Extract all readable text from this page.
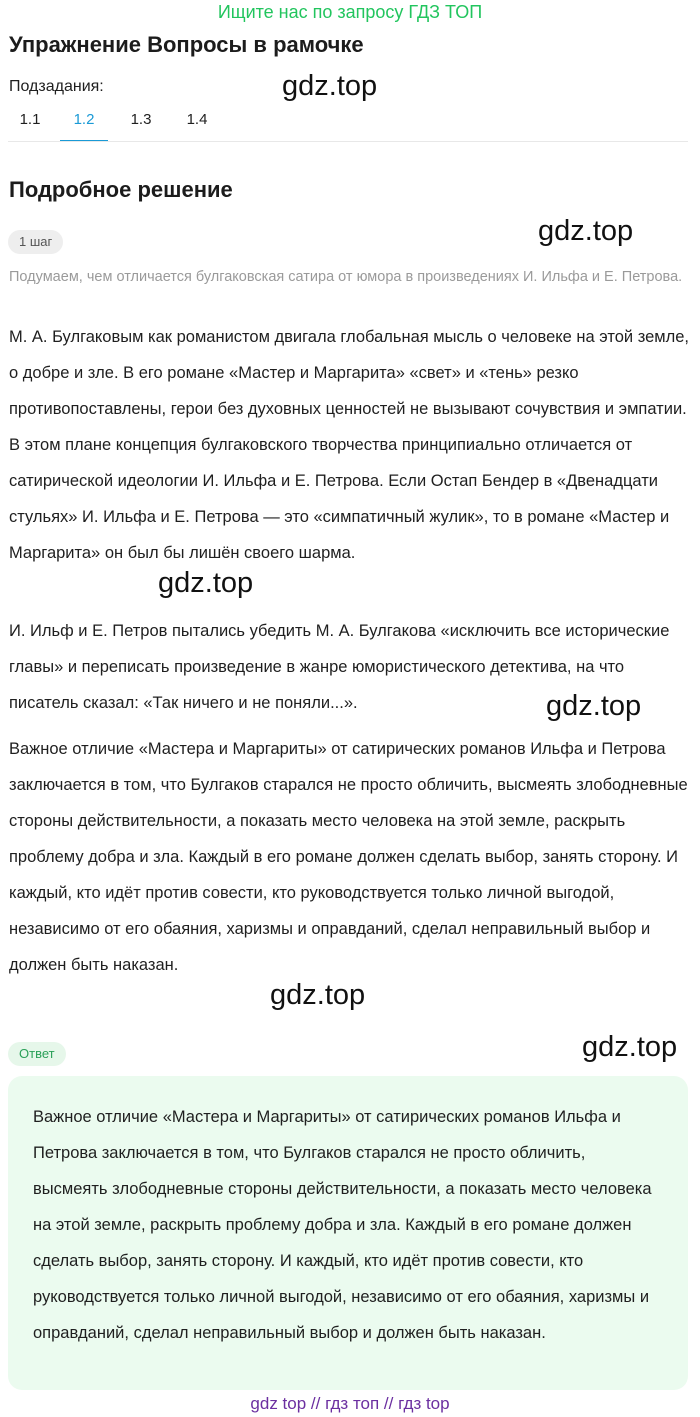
Ищите нас по запросу ГДЗ ТОП
Упражнение Вопросы в рамочке
Подзадания:
1.1	1.2	1.3	1.4
Подробное решение
1 шаг
Подумаем, чем отличается булгаковская сатира от юмора в произведениях И. Ильфа и Е. Петрова.

М. А. Булгаковым как романистом двигала глобальная мысль о человеке на этой земле, о добре и зле. В его романе «Мастер и Маргарита» «свет» и «тень» резко противопоставлены, герои без духовных ценностей не вызывают сочувствия и эмпатии. В этом плане концепция булгаковского творчества принципиально отличается от сатирической идеологии И. Ильфа и Е. Петрова. Если Остап Бендер в «Двенадцати стульях» И. Ильфа и Е. Петрова — это «симпатичный жулик», то в романе «Мастер и Маргарита» он был бы лишён своего шарма.

И. Ильф и Е. Петров пытались убедить М. А. Булгакова «исключить все исторические главы» и переписать произведение в жанре юмористического детектива, на что писатель сказал: «Так ничего и не поняли...».

Важное отличие «Мастера и Маргариты» от сатирических романов Ильфа и Петрова заключается в том, что Булгаков старался не просто обличить, высмеять злободневные стороны действительности, а показать место человека на этой земле, раскрыть проблему добра и зла. Каждый в его романе должен сделать выбор, занять сторону. И каждый, кто идёт против совести, кто руководствуется только личной выгодой, независимо от его обаяния, харизмы и оправданий, сделал неправильный выбор и должен быть наказан.

Ответ

Важное отличие «Мастера и Маргариты» от сатирических романов Ильфа и Петрова заключается в том, что Булгаков старался не просто обличить, высмеять злободневные стороны действительности, а показать место человека на этой земле, раскрыть проблему добра и зла. Каждый в его романе должен сделать выбор, занять сторону. И каждый, кто идёт против совести, кто руководствуется только личной выгодой, независимо от его обаяния, харизмы и оправданий, сделал неправильный выбор и должен быть наказан.

gdz.top
gdz.top
gdz.top
gdz.top
gdz.top
gdz.top
gdz top // гдз топ // гдз top
